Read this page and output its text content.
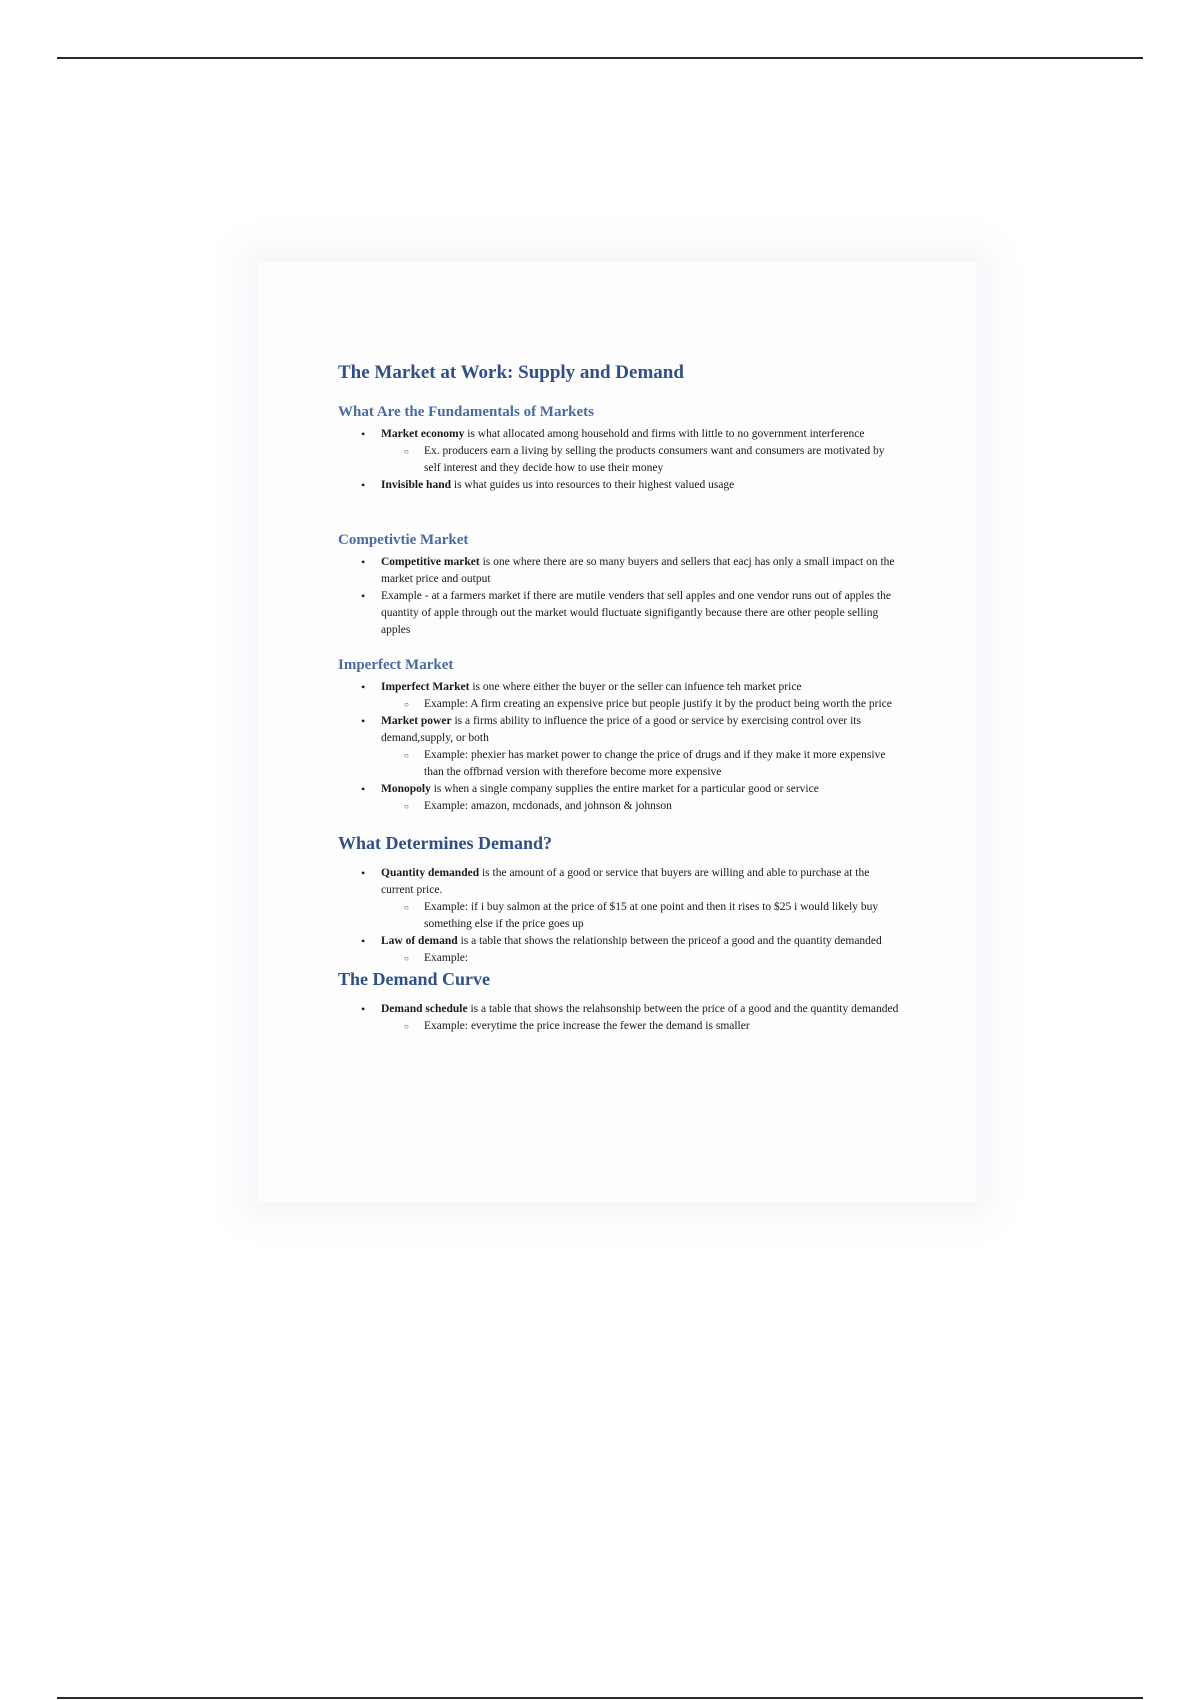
The Market at Work: Supply and Demand
What Are the Fundamentals of Markets
• Market economy is what allocated among household and firms with little to no government interference
○ Ex. producers earn a living by selling the products consumers want and consumers are motivated by self interest and they decide how to use their money
• Invisible hand is what guides us into resources to their highest valued usage
Competivtie Market
• Competitive market is one where there are so many buyers and sellers that eacj has only a small impact on the market price and output
• Example - at a farmers market if there are mutile venders that sell apples and one vendor runs out of apples the quantity of apple through out the market would fluctuate signifigantly because there are other people selling apples
Imperfect Market
• Imperfect Market is one where either the buyer or the seller can infuence teh market price
○ Example: A firm creating an expensive price but people justify it by the product being worth the price
• Market power is a firms ability to influence the price of a good or service by exercising control over its demand,supply, or both
○ Example: phexier has market power to change the price of drugs and if they make it more expensive than the offbrnad version with therefore become more expensive
• Monopoly is when a single company supplies the entire market for a particular good or service
○ Example: amazon, mcdonads, and johnson & johnson
What Determines Demand?
• Quantity demanded is the amount of a good or service that buyers are willing and able to purchase at the current price.
○ Example: if i buy salmon at the price of $15 at one point and then it rises to $25 i would likely buy something else if the price goes up
• Law of demand is a table that shows the relationship between the priceof a good and the quantity demanded
○ Example:
The Demand Curve
• Demand schedule is a table that shows the relahsonship between the price of a good and the quantity demanded
○ Example: everytime the price increase the fewer the demand is smaller
